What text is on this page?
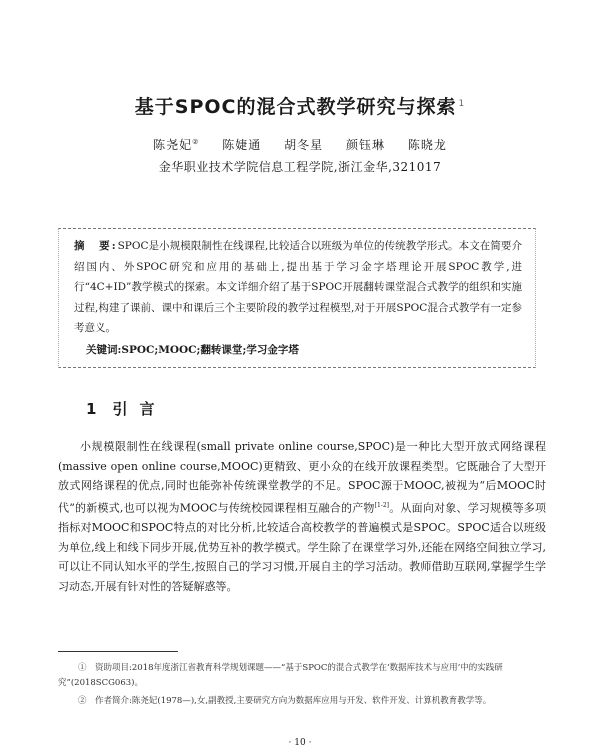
基于SPOC的混合式教学研究与探索 $^1$
陈尧妃② 陈婕通 胡冬星 颜钰琳 陈晓龙
金华职业技术学院信息工程学院,浙江金华,321017
摘　要:SPOC是小规模限制性在线课程,比较适合以班级为单位的传统教学形式。本文在简要介绍国内、外SPOC研究和应用的基础上,提出基于学习金字塔理论开展SPOC教学,进行“4C+ID”教学模式的探索。本文详细介绍了基于SPOC开展翻转课堂混合式教学的组织和实施过程,构建了课前、课中和课后三个主要阶段的教学过程模型,对于开展SPOC混合式教学有一定参考意义。
关键词:SPOC;MOOC;翻转课堂;学习金字塔
1 引言
小规模限制性在线课程(small private online course,SPOC)是一种比大型开放式网络课程(massive open online course,MOOC)更精致、更小众的在线开放课程类型。它既融合了大型开放式网络课程的优点,同时也能弥补传统课堂教学的不足。SPOC源于MOOC,被视为“后MOOC时代”的新模式,也可以视为MOOC与传统校园课程相互融合的产物[1-2]。从面向对象、学习规模等多项指标对MOOC和SPOC特点的对比分析,比较适合高校教学的普遍模式是SPOC。SPOC适合以班级为单位,线上和线下同步开展,优势互补的教学模式。学生除了在课堂学习外,还能在网络空间独立学习,可以让不同认知水平的学生,按照自己的学习习惯,开展自主的学习活动。教师借助互联网,掌握学生学习动态,开展有针对性的答疑解惑等。
①　 资助项目:2018年度浙江省教育科学规划课题——“基于SPOC的混合式教学在‘数据库技术与应用’中的实践研究”(2018SCG063)。
②　 作者简介:陈尧妃(1978—),女,副教授,主要研究方向为数据库应用与开发、软件开发、计算机教育教学等。
· 10 ·
